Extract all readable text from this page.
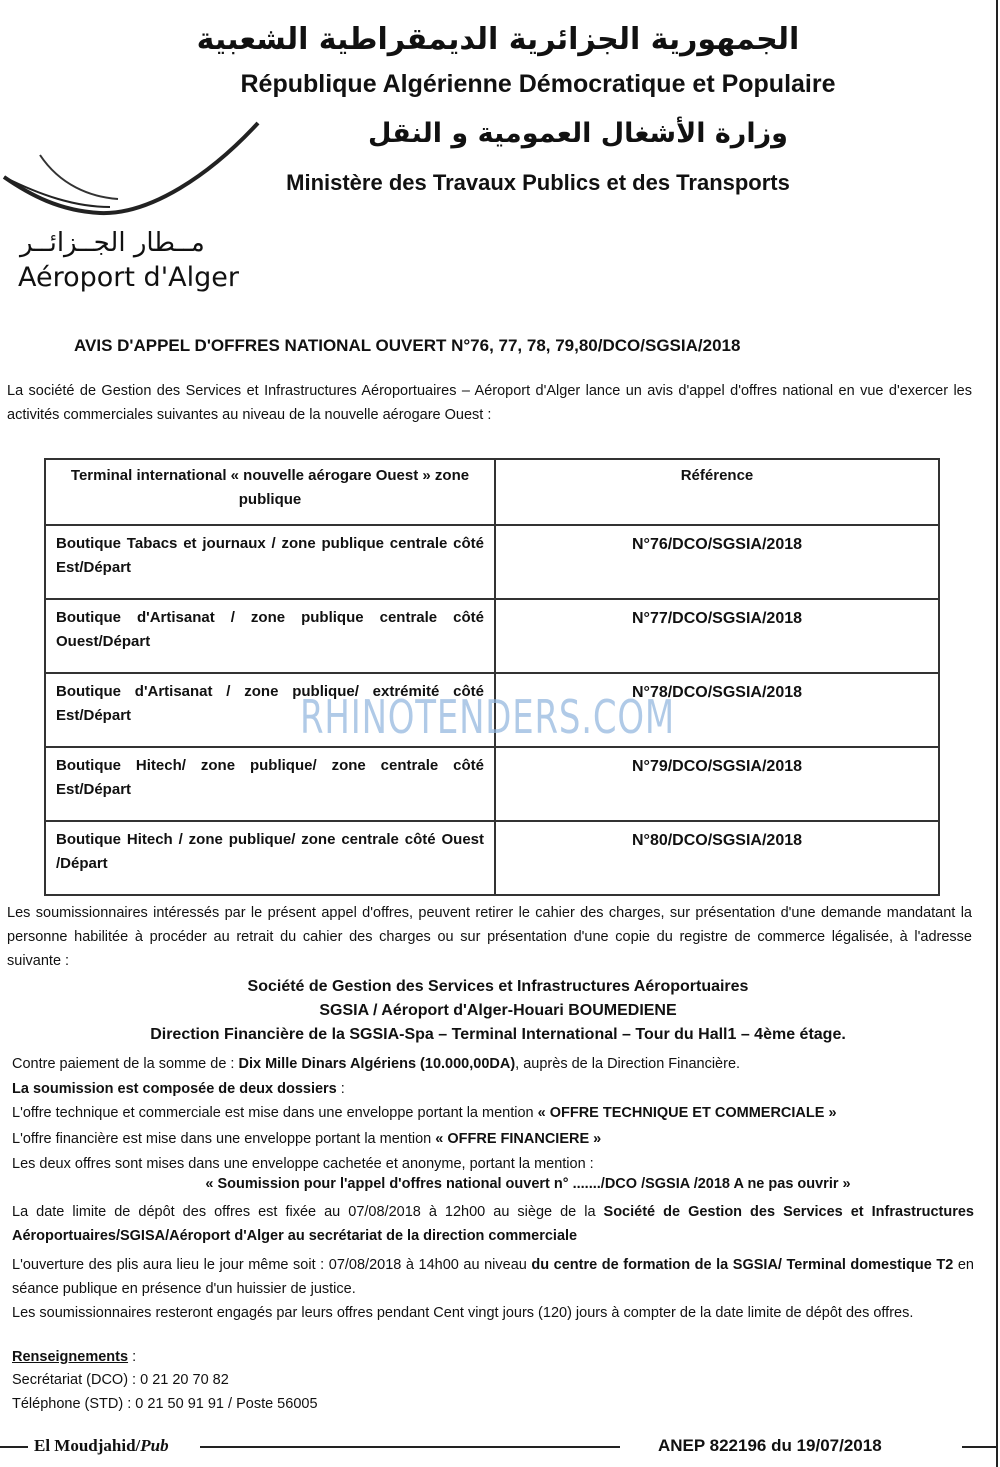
الجمهورية الجزائرية الديمقراطية الشعبية
République Algérienne Démocratique et Populaire
وزارة الأشغال العمومية و النقل
Ministère des Travaux Publics et des Transports
مــطار الجــزائــر
Aéroport d'Alger
AVIS D'APPEL D'OFFRES NATIONAL OUVERT N°76, 77, 78, 79,80/DCO/SGSIA/2018
La société de Gestion des Services et Infrastructures Aéroportuaires – Aéroport d'Alger lance un avis d'appel d'offres national en vue d'exercer les activités commerciales suivantes au niveau de la nouvelle aérogare Ouest :
Terminal international « nouvelle aérogare Ouest » zone publique	Référence
Boutique Tabacs et journaux / zone publique centrale côté Est/Départ	N°76/DCO/SGSIA/2018
Boutique d'Artisanat / zone publique centrale côté Ouest/Départ	N°77/DCO/SGSIA/2018
Boutique d'Artisanat / zone publique/ extrémité côté Est/Départ	N°78/DCO/SGSIA/2018
Boutique Hitech/ zone publique/ zone centrale côté Est/Départ	N°79/DCO/SGSIA/2018
Boutique Hitech / zone publique/ zone centrale côté Ouest /Départ	N°80/DCO/SGSIA/2018
RHINOTENDERS.COM
Les soumissionnaires intéressés par le présent appel d'offres, peuvent retirer le cahier des charges, sur présentation d'une demande mandatant la personne habilitée à procéder au retrait du cahier des charges ou sur présentation d'une copie du registre de commerce légalisée, à l'adresse suivante :
Société de Gestion des Services et Infrastructures Aéroportuaires
SGSIA / Aéroport d'Alger-Houari BOUMEDIENE
Direction Financière de la SGSIA-Spa – Terminal International – Tour du Hall1 – 4ème étage.
Contre paiement de la somme de : Dix Mille Dinars Algériens (10.000,00DA), auprès de la Direction Financière.
La soumission est composée de deux dossiers :
L'offre technique et commerciale est mise dans une enveloppe portant la mention « OFFRE TECHNIQUE ET COMMERCIALE »
L'offre financière est mise dans une enveloppe portant la mention « OFFRE FINANCIERE »
Les deux offres sont mises dans une enveloppe cachetée et anonyme, portant la mention :
« Soumission pour l'appel d'offres national ouvert n° ......./DCO /SGSIA /2018 A ne pas ouvrir »
La date limite de dépôt des offres est fixée au 07/08/2018 à 12h00 au siège de la Société de Gestion des Services et Infrastructures Aéroportuaires/SGISA/Aéroport d'Alger au secrétariat de la direction commerciale
L'ouverture des plis aura lieu le jour même soit : 07/08/2018 à 14h00 au niveau du centre de formation de la SGSIA/ Terminal domestique T2 en séance publique en présence d'un huissier de justice.
Les soumissionnaires resteront engagés par leurs offres pendant Cent vingt jours (120) jours à compter de la date limite de dépôt des offres.
Renseignements :
Secrétariat (DCO) : 0 21 20 70 82
Téléphone (STD) : 0 21 50 91 91 / Poste 56005
El Moudjahid/Pub	ANEP 822196 du 19/07/2018
